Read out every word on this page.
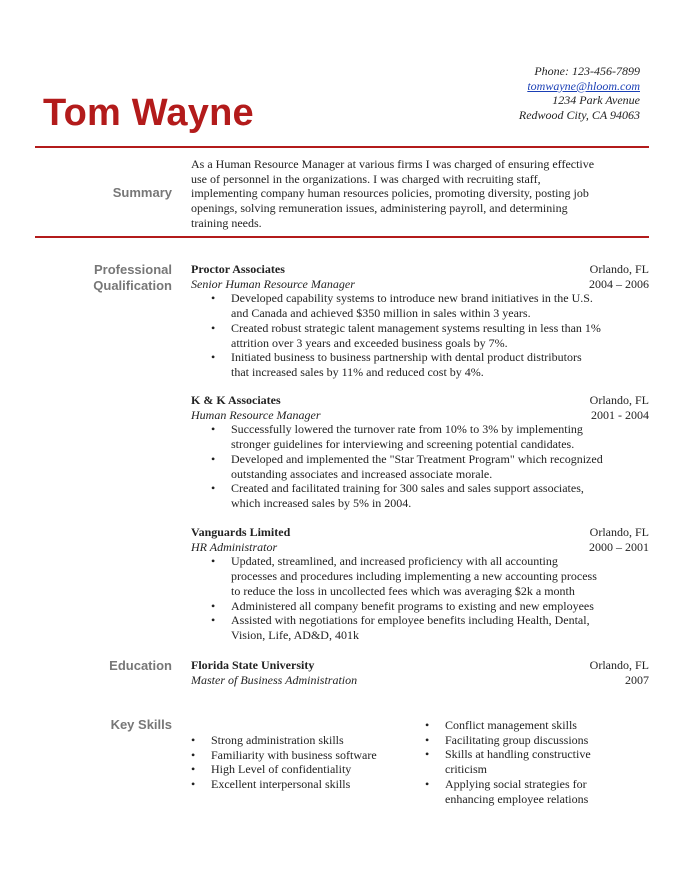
Tom Wayne
Phone: 123-456-7899
tomwayne@hloom.com
1234 Park Avenue
Redwood City, CA 94063
Summary
As a Human Resource Manager at various firms I was charged of ensuring effective
use of personnel in the organizations. I was charged with recruiting staff,
implementing company human resources policies, promoting diversity, posting job
openings, solving remuneration issues, administering payroll, and determining
training needs.
Professional
Qualification
Proctor Associates	Orlando, FL
Senior Human Resource Manager	2004 – 2006
• Developed capability systems to introduce new brand initiatives in the U.S.
and Canada and achieved $350 million in sales within 3 years.
• Created robust strategic talent management systems resulting in less than 1%
attrition over 3 years and exceeded business goals by 7%.
• Initiated business to business partnership with dental product distributors
that increased sales by 11% and reduced cost by 4%.
K & K Associates	Orlando, FL
Human Resource Manager	2001 - 2004
• Successfully lowered the turnover rate from 10% to 3% by implementing
stronger guidelines for interviewing and screening potential candidates.
• Developed and implemented the "Star Treatment Program" which recognized
outstanding associates and increased associate morale.
• Created and facilitated training for 300 sales and sales support associates,
which increased sales by 5% in 2004.
Vanguards Limited	Orlando, FL
HR Administrator	2000 – 2001
• Updated, streamlined, and increased proficiency with all accounting
processes and procedures including implementing a new accounting process
to reduce the loss in uncollected fees which was averaging $2k a month
• Administered all company benefit programs to existing and new employees
• Assisted with negotiations for employee benefits including Health, Dental,
Vision, Life, AD&D, 401k
Education Florida State University	Orlando, FL
Master of Business Administration	2007
Key Skills
• Strong administration skills
• Familiarity with business software
• High Level of confidentiality
• Excellent interpersonal skills
• Conflict management skills
• Facilitating group discussions
• Skills at handling constructive
criticism
• Applying social strategies for
enhancing employee relations
